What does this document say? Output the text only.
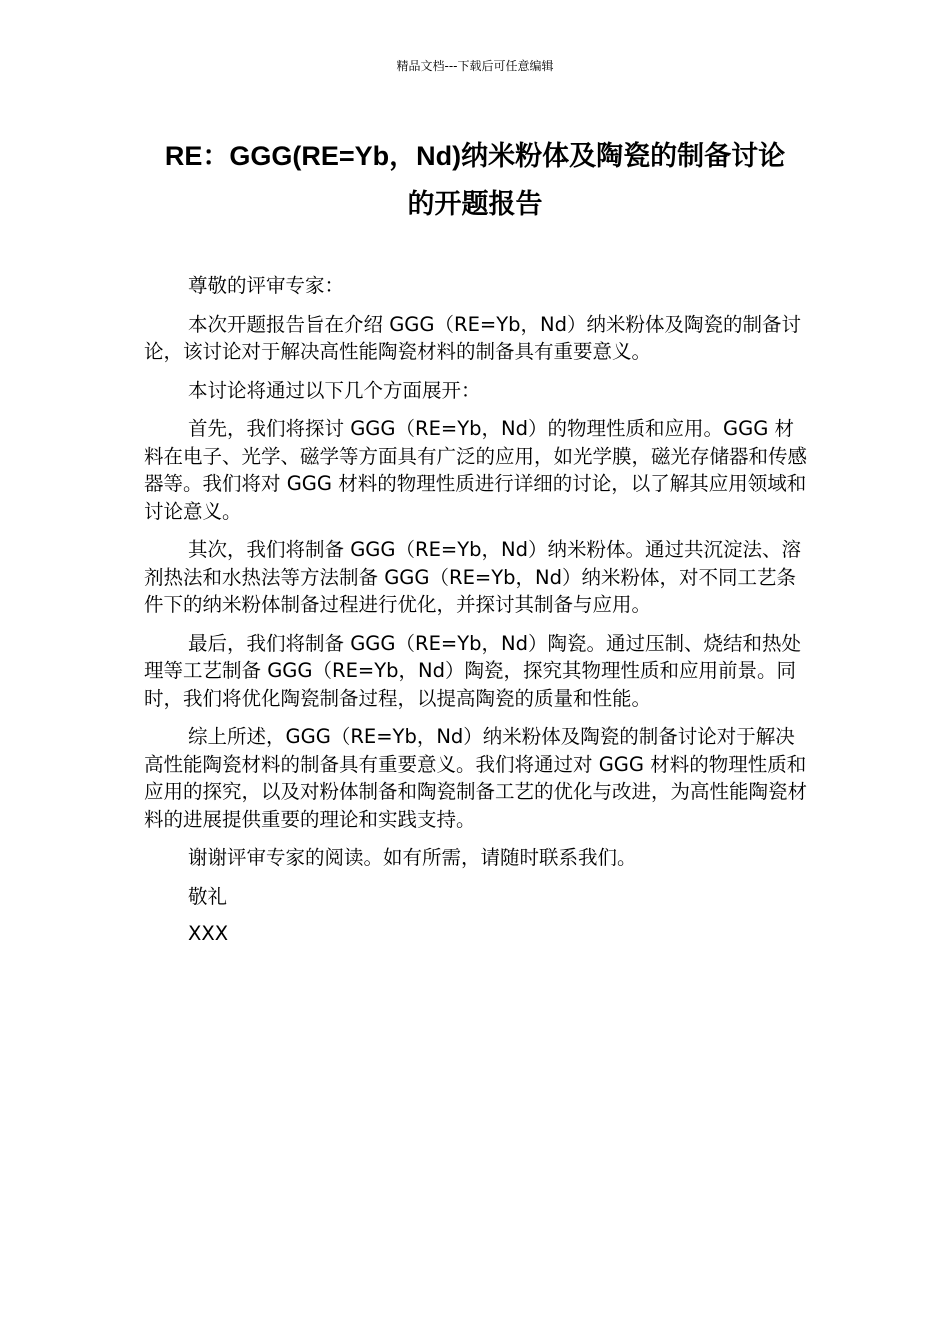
精品文档---下载后可任意编辑
RE：GGG(RE=Yb，Nd)纳米粉体及陶瓷的制备讨论
的开题报告

尊敬的评审专家：

本次开题报告旨在介绍 GGG（RE=Yb，Nd）纳米粉体及陶瓷的制备讨论，该讨论对于解决高性能陶瓷材料的制备具有重要意义。

本讨论将通过以下几个方面展开：

首先，我们将探讨 GGG（RE=Yb，Nd）的物理性质和应用。GGG 材料在电子、光学、磁学等方面具有广泛的应用，如光学膜，磁光存储器和传感器等。我们将对 GGG 材料的物理性质进行详细的讨论，以了解其应用领域和讨论意义。

其次，我们将制备 GGG（RE=Yb，Nd）纳米粉体。通过共沉淀法、溶剂热法和水热法等方法制备 GGG（RE=Yb，Nd）纳米粉体，对不同工艺条件下的纳米粉体制备过程进行优化，并探讨其制备与应用。

最后，我们将制备 GGG（RE=Yb，Nd）陶瓷。通过压制、烧结和热处理等工艺制备 GGG（RE=Yb，Nd）陶瓷，探究其物理性质和应用前景。同时，我们将优化陶瓷制备过程，以提高陶瓷的质量和性能。

综上所述，GGG（RE=Yb，Nd）纳米粉体及陶瓷的制备讨论对于解决高性能陶瓷材料的制备具有重要意义。我们将通过对 GGG 材料的物理性质和应用的探究，以及对粉体制备和陶瓷制备工艺的优化与改进，为高性能陶瓷材料的进展提供重要的理论和实践支持。

谢谢评审专家的阅读。如有所需，请随时联系我们。

敬礼

XXX
